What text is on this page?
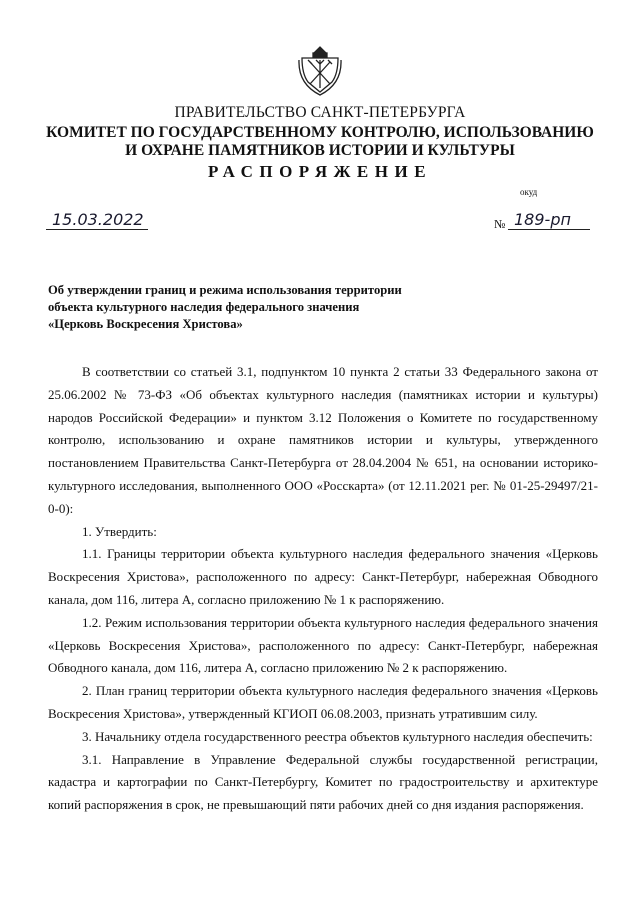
ПРАВИТЕЛЬСТВО САНКТ-ПЕТЕРБУРГА
КОМИТЕТ ПО ГОСУДАРСТВЕННОМУ КОНТРОЛЮ, ИСПОЛЬЗОВАНИЮ
И ОХРАНЕ ПАМЯТНИКОВ ИСТОРИИ И КУЛЬТУРЫ
РАСПОРЯЖЕНИЕ
окуд
15.03.2022	№ 189-рп
Об утверждении границ и режима использования территории
объекта культурного наследия федерального значения
«Церковь Воскресения Христова»

В соответствии со статьей 3.1, подпунктом 10 пункта 2 статьи 33 Федерального закона от 25.06.2002 № 73-ФЗ «Об объектах культурного наследия (памятниках истории и культуры) народов Российской Федерации» и пунктом 3.12 Положения о Комитете по государственному контролю, использованию и охране памятников истории и культуры, утвержденного постановлением Правительства Санкт-Петербурга от 28.04.2004 № 651, на основании историко-культурного исследования, выполненного ООО «Росскарта» (от 12.11.2021 рег. № 01-25-29497/21-0-0):

1. Утвердить:

1.1. Границы территории объекта культурного наследия федерального значения «Церковь Воскресения Христова», расположенного по адресу: Санкт-Петербург, набережная Обводного канала, дом 116, литера А, согласно приложению № 1 к распоряжению.

1.2. Режим использования территории объекта культурного наследия федерального значения «Церковь Воскресения Христова», расположенного по адресу: Санкт-Петербург, набережная Обводного канала, дом 116, литера А, согласно приложению № 2 к распоряжению.

2. План границ территории объекта культурного наследия федерального значения «Церковь Воскресения Христова», утвержденный КГИОП 06.08.2003, признать утратившим силу.

3. Начальнику отдела государственного реестра объектов культурного наследия обеспечить:

3.1. Направление в Управление Федеральной службы государственной регистрации, кадастра и картографии по Санкт-Петербургу, Комитет по градостроительству и архитектуре копий распоряжения в срок, не превышающий пяти рабочих дней со дня издания распоряжения.
